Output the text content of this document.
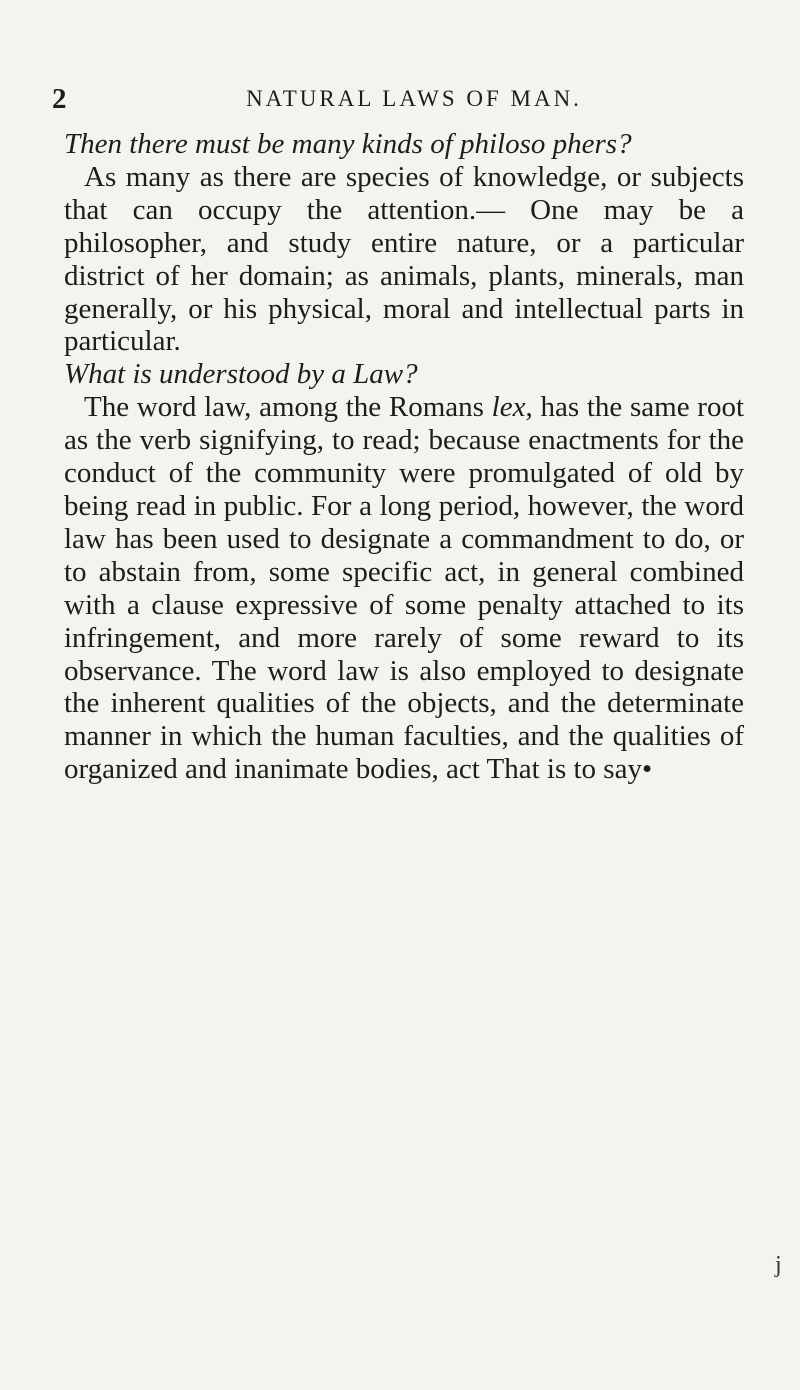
2	NATURAL LAWS OF MAN.

Then there must be many kinds of philoso phers?

As many as there are species of knowledge, or subjects that can occupy the attention.— One may be a philosopher, and study entire nature, or a particular district of her domain; as animals, plants, minerals, man generally, or his physical, moral and intellectual parts in particular.

What is understood by a Law?

The word law, among the Romans lex, has the same root as the verb signifying, to read; because enactments for the conduct of the community were promulgated of old by being read in public. For a long period, however, the word law has been used to designate a commandment to do, or to abstain from, some specific act, in general combined with a clause expressive of some penalty attached to its infringement, and more rarely of some reward to its observance. The word law is also employed to designate the inherent qualities of the objects, and the determinate manner in which the human faculties, and the qualities of organized and inanimate bodies, act That is to say•

j
